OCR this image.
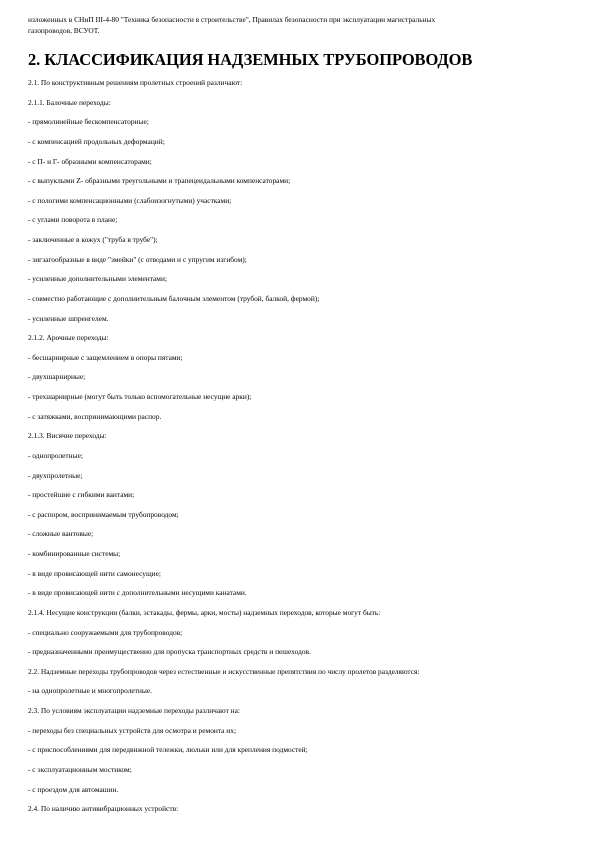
изложенных в СНиП III-4-80 "Техника безопасности в строительстве", Правилах безопасности при эксплуатации магистральных

газопроводов, ВСУОТ.

2. КЛАССИФИКАЦИЯ НАДЗЕМНЫХ ТРУБОПРОВОДОВ

2.1. По конструктивным решениям пролетных строений различают:

2.1.1. Балочные переходы:

- прямолинейные бескомпенсаторные;

- с компенсацией продольных деформаций;

- с П- и Г- образными компенсаторами;

- с выпуклыми Z- образными треугольными и трапецеидальными компенсаторами;

- с пологими компенсационными (слабоизогнутыми) участками;

- с углами поворота в плане;

- заключенные в кожух ("труба в трубе");

- зигзагообразные в виде "змейки" (с отводами и с упругим изгибом);

- усиленные дополнительными элементами;

- совместно работающие с дополнительным балочным элементом (трубой, балкой, фермой);

- усиленные шпренгелем.

2.1.2. Арочные переходы:

- бесшарнирные с защемлением в опоры пятами;

- двухшарнирные;

- трехшарнирные (могут быть только вспомогательные несущие арки);

- с затяжками, воспринимающими распор.

2.1.3. Висячие переходы:

- однопролетные;

- двухпролетные;

- простейшие с гибкими вантами;

- с распором, воспринимаемым трубопроводом;

- сложные вантовые;

- комбинированные системы;

- в виде провисающей нити самонесущие;

- в виде провисающей нити с дополнительными несущими канатами.

2.1.4. Несущие конструкции (балки, эстакады, фермы, арки, мосты) надземных переходов, которые могут быть:

- специально сооружаемыми для трубопроводов;

- предназначенными преимущественно для пропуска транспортных средств и пешеходов.

2.2. Надземные переходы трубопроводов через естественные и искусственные препятствия по числу пролетов разделяются:

- на однопролетные и многопролетные.

2.3. По условиям эксплуатации надземные переходы различают на:

- переходы без специальных устройств для осмотра и ремонта их;

- с приспособлениями для передвижной тележки, люльки или для крепления подмостей;

- с эксплуатационным мостиком;

- с проездом для автомашин.

2.4. По наличию антивибрационных устройств:
